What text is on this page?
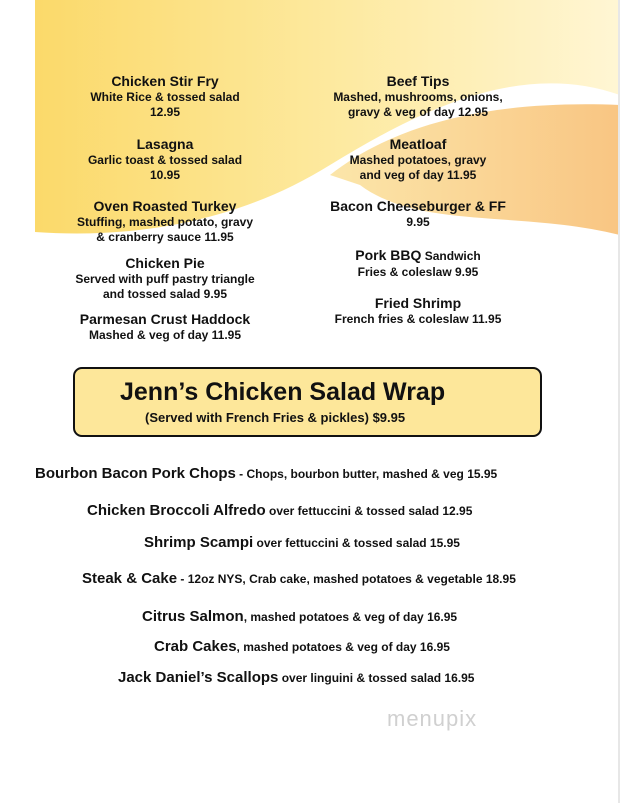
Chicken Stir Fry
White Rice & tossed salad
12.95
Lasagna
Garlic toast & tossed salad
10.95
Oven Roasted Turkey
Stuffing, mashed potato, gravy
& cranberry sauce 11.95
Chicken Pie
Served with puff pastry triangle
and tossed salad 9.95
Parmesan Crust Haddock
Mashed & veg of day 11.95
Beef Tips
Mashed, mushrooms, onions,
gravy & veg of day 12.95
Meatloaf
Mashed potatoes, gravy
and veg of day 11.95
Bacon Cheeseburger & FF
9.95
Pork BBQ Sandwich
Fries & coleslaw 9.95
Fried Shrimp
French fries & coleslaw 11.95
Jenn’s Chicken Salad Wrap
(Served with French Fries & pickles) $9.95
Bourbon Bacon Pork Chops - Chops, bourbon butter, mashed & veg 15.95
Chicken Broccoli Alfredo over fettuccini & tossed salad 12.95
Shrimp Scampi over fettuccini & tossed salad 15.95
Steak & Cake - 12oz NYS, Crab cake, mashed potatoes & vegetable 18.95
Citrus Salmon, mashed potatoes & veg of day 16.95
Crab Cakes, mashed potatoes & veg of day 16.95
Jack Daniel’s Scallops over linguini & tossed salad 16.95
menupix
